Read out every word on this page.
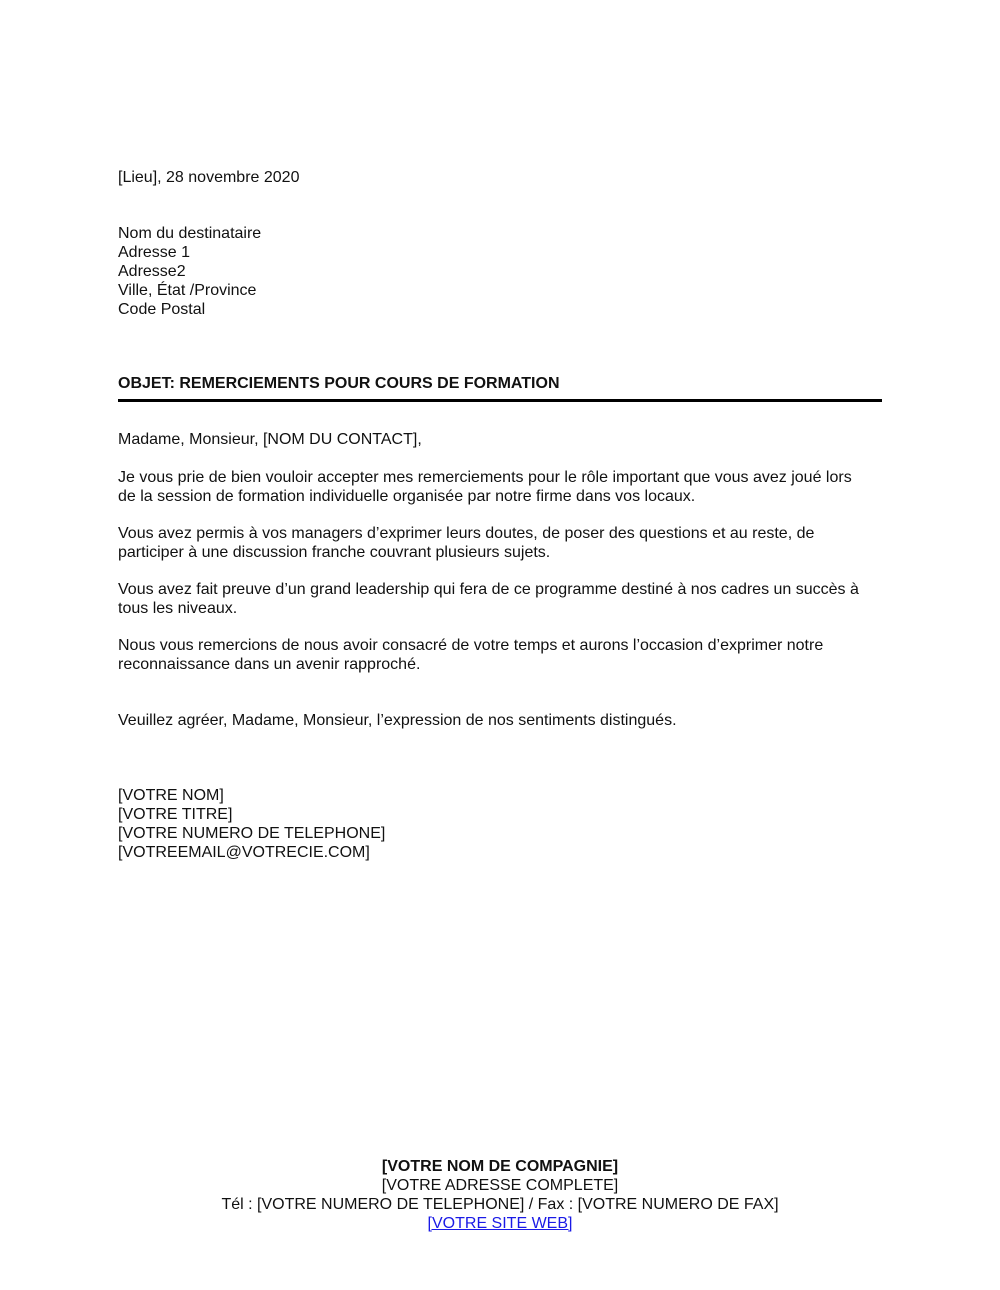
[Lieu], 28 novembre 2020
Nom du destinataire
Adresse 1
Adresse2
Ville, État /Province
Code Postal
OBJET: REMERCIEMENTS POUR COURS DE FORMATION
Madame, Monsieur, [NOM DU CONTACT],
Je vous prie de bien vouloir accepter mes remerciements pour le rôle important que vous avez joué lors
de la session de formation individuelle organisée par notre firme dans vos locaux.
Vous avez permis à vos managers d’exprimer leurs doutes, de poser des questions et au reste, de
participer à une discussion franche couvrant plusieurs sujets.
Vous avez fait preuve d’un grand leadership qui fera de ce programme destiné à nos cadres un succès à
tous les niveaux.
Nous vous remercions de nous avoir consacré de votre temps et aurons l’occasion d’exprimer notre
reconnaissance dans un avenir rapproché.
Veuillez agréer, Madame, Monsieur, l’expression de nos sentiments distingués.
[VOTRE NOM]
[VOTRE TITRE]
[VOTRE NUMERO DE TELEPHONE]
[VOTREEMAIL@VOTRECIE.COM]
[VOTRE NOM DE COMPAGNIE]
[VOTRE ADRESSE COMPLETE]
Tél : [VOTRE NUMERO DE TELEPHONE] / Fax : [VOTRE NUMERO DE FAX]
[VOTRE SITE WEB]
